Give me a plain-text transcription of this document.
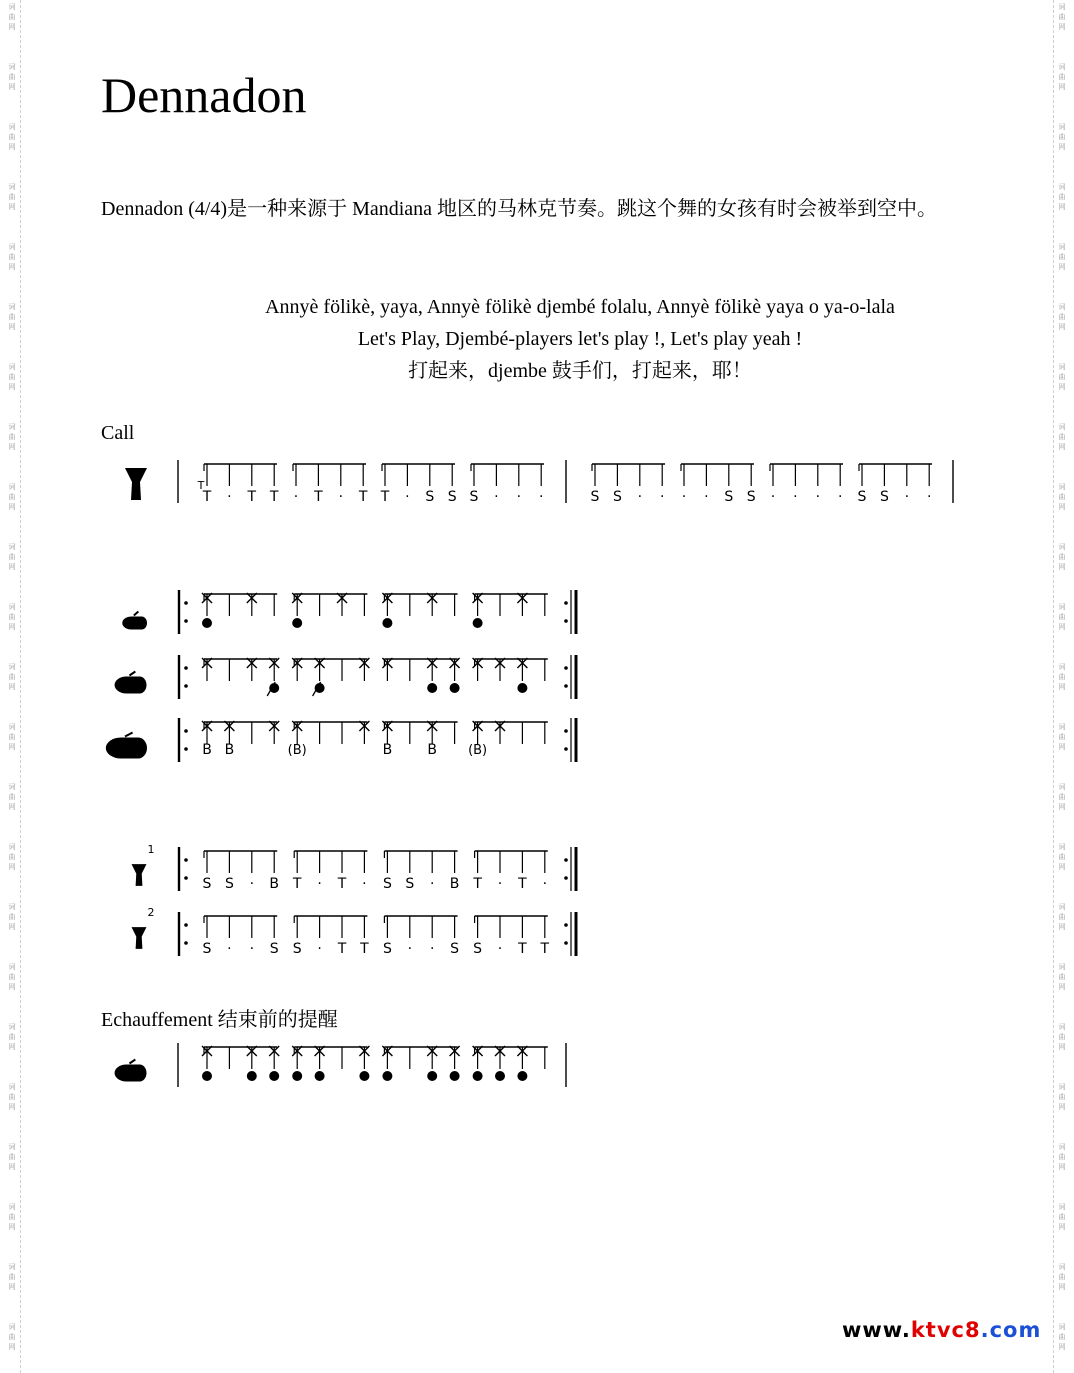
词
曲
网
词
曲
网
词
曲
网
词
曲
网
词
曲
网
词
曲
网
词
曲
网
词
曲
网
词
曲
网
词
曲
网
词
曲
网
词
曲
网
词
曲
网
词
曲
网
词
曲
网
词
曲
网
词
曲
网
词
曲
网
词
曲
网
词
曲
网
词
曲
网
词
曲
网
词
曲
网
词
曲
网
词
曲
网
词
曲
网
词
曲
网
词
曲
网
词
曲
网
词
曲
网
词
曲
网
词
曲
网
词
曲
网
词
曲
网
词
曲
网
词
曲
网
词
曲
网
词
曲
网
词
曲
网
词
曲
网
词
曲
网
词
曲
网
词
曲
网
词
曲
网
词
曲
网
词
曲
网
Dennadon

Dennadon (4/4)是一种来源于 Mandiana 地区的马林克节奏。跳这个舞的女孩有时会被举到空中。

Annyè fölikè, yaya, Annyè fölikè djembé folalu, Annyè fölikè yaya o ya-o-lala
Let's Play, Djembé-players let's play !, Let's play yeah !
打起来，djembe 鼓手们，打起来，耶！
Call
Echauffement 结束前的提醒
T · T T · T · T T · S S S · · ·	S S · · · · S S · · · · S S · ·
T
B B	(B)	B	B (B)
1
S S · B T · T · S S · B T · T ·
2
S · · S S · T T S · · S S · T T
www.ktvc8.com
